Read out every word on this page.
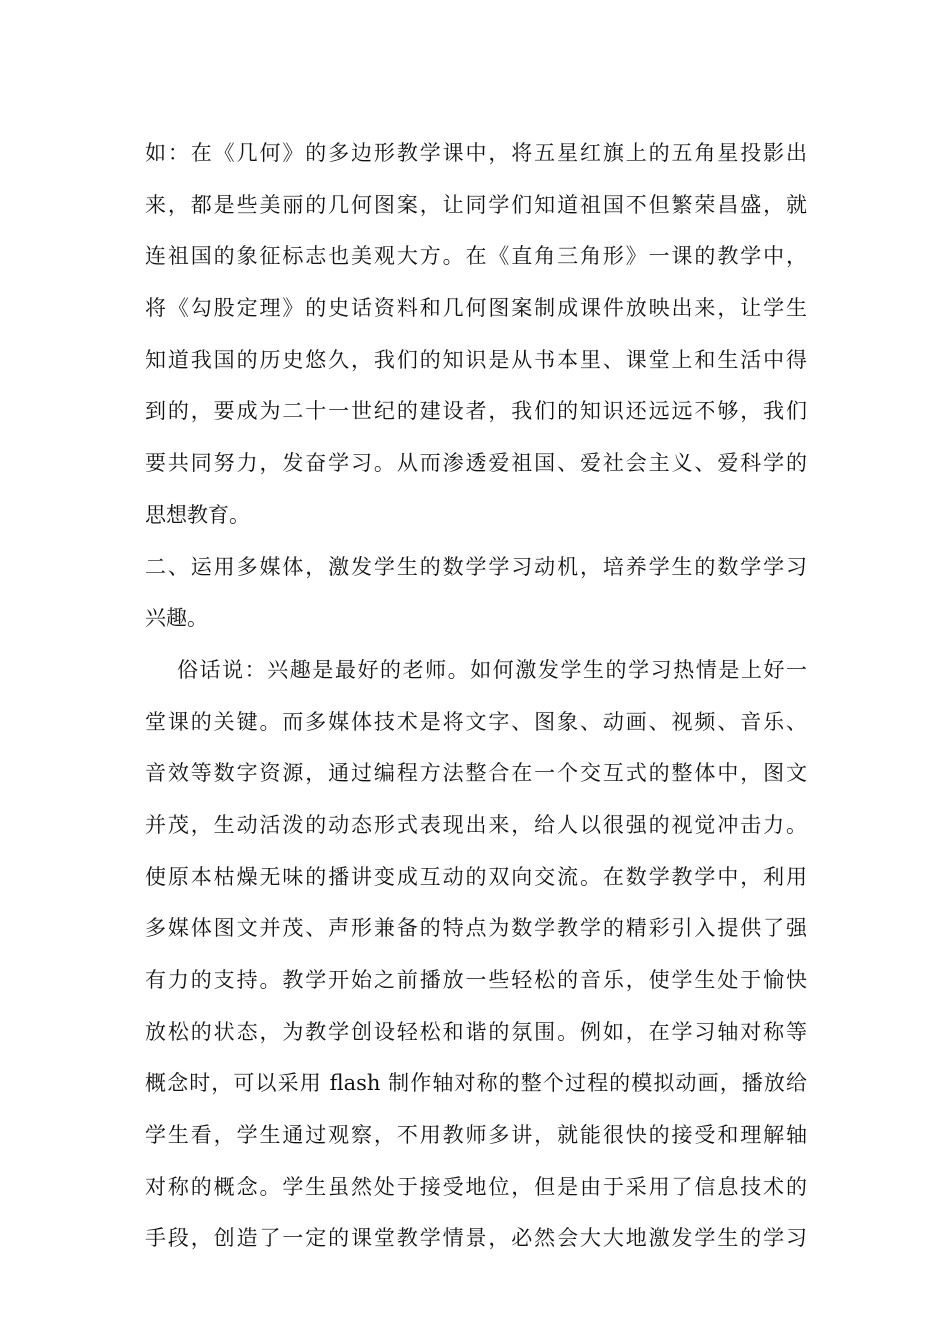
如：在《几何》的多边形教学课中，将五星红旗上的五角星投影出
来，都是些美丽的几何图案，让同学们知道祖国不但繁荣昌盛，就
连祖国的象征标志也美观大方。在《直角三角形》一课的教学中，
将《勾股定理》的史话资料和几何图案制成课件放映出来，让学生
知道我国的历史悠久，我们的知识是从书本里、课堂上和生活中得
到的，要成为二十一世纪的建设者，我们的知识还远远不够，我们
要共同努力，发奋学习。从而渗透爱祖国、爱社会主义、爱科学的
思想教育。
二、运用多媒体，激发学生的数学学习动机，培养学生的数学学习
兴趣。
俗话说：兴趣是最好的老师。如何激发学生的学习热情是上好一
堂课的关键。而多媒体技术是将文字、图象、动画、视频、音乐、
音效等数字资源，通过编程方法整合在一个交互式的整体中，图文
并茂，生动活泼的动态形式表现出来，给人以很强的视觉冲击力。
使原本枯燥无味的播讲变成互动的双向交流。在数学教学中，利用
多媒体图文并茂、声形兼备的特点为数学教学的精彩引入提供了强
有力的支持。教学开始之前播放一些轻松的音乐，使学生处于愉快
放松的状态，为教学创设轻松和谐的氛围。例如，在学习轴对称等
概念时，可以采用 flash 制作轴对称的整个过程的模拟动画，播放给
学生看，学生通过观察，不用教师多讲，就能很快的接受和理解轴
对称的概念。学生虽然处于接受地位，但是由于采用了信息技术的
手段，创造了一定的课堂教学情景，必然会大大地激发学生的学习
